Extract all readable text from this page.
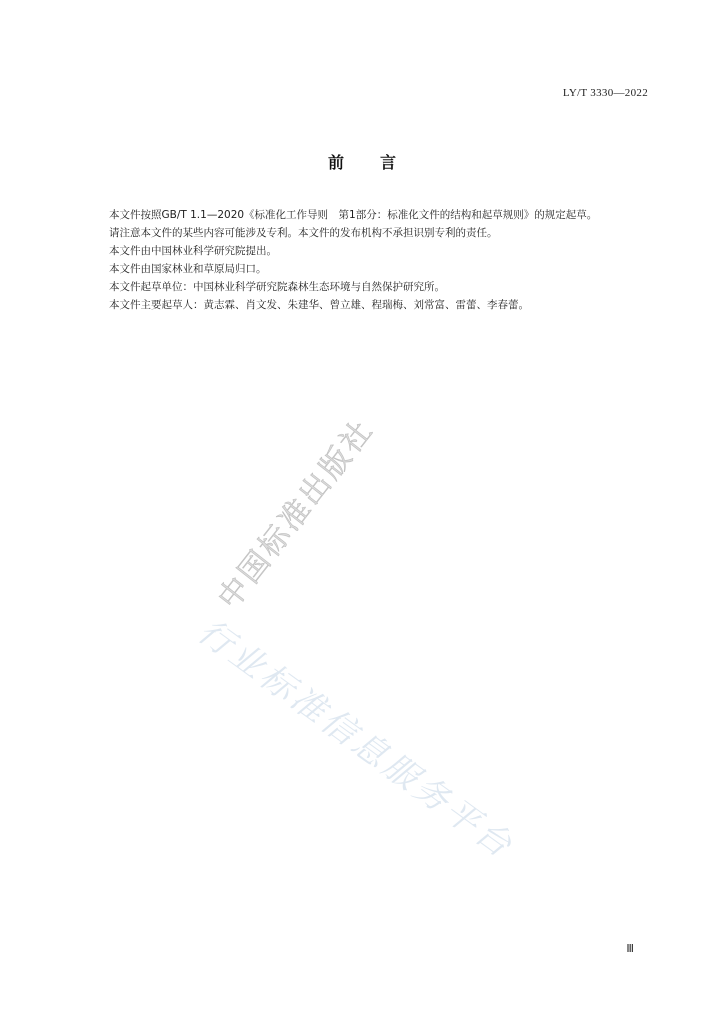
LY/T 3330—2022
前 言

本文件按照GB/T 1.1—2020《标准化工作导则　第1部分：标准化文件的结构和起草规则》的规定起草。

请注意本文件的某些内容可能涉及专利。本文件的发布机构不承担识别专利的责任。

本文件由中国林业科学研究院提出。

本文件由国家林业和草原局归口。

本文件起草单位：中国林业科学研究院森林生态环境与自然保护研究所。

本文件主要起草人：黄志霖、肖文发、朱建华、曾立雄、程瑞梅、刘常富、雷蕾、李春蕾。

中国标准出版社
行业标准信息服务平台
Ⅲ
